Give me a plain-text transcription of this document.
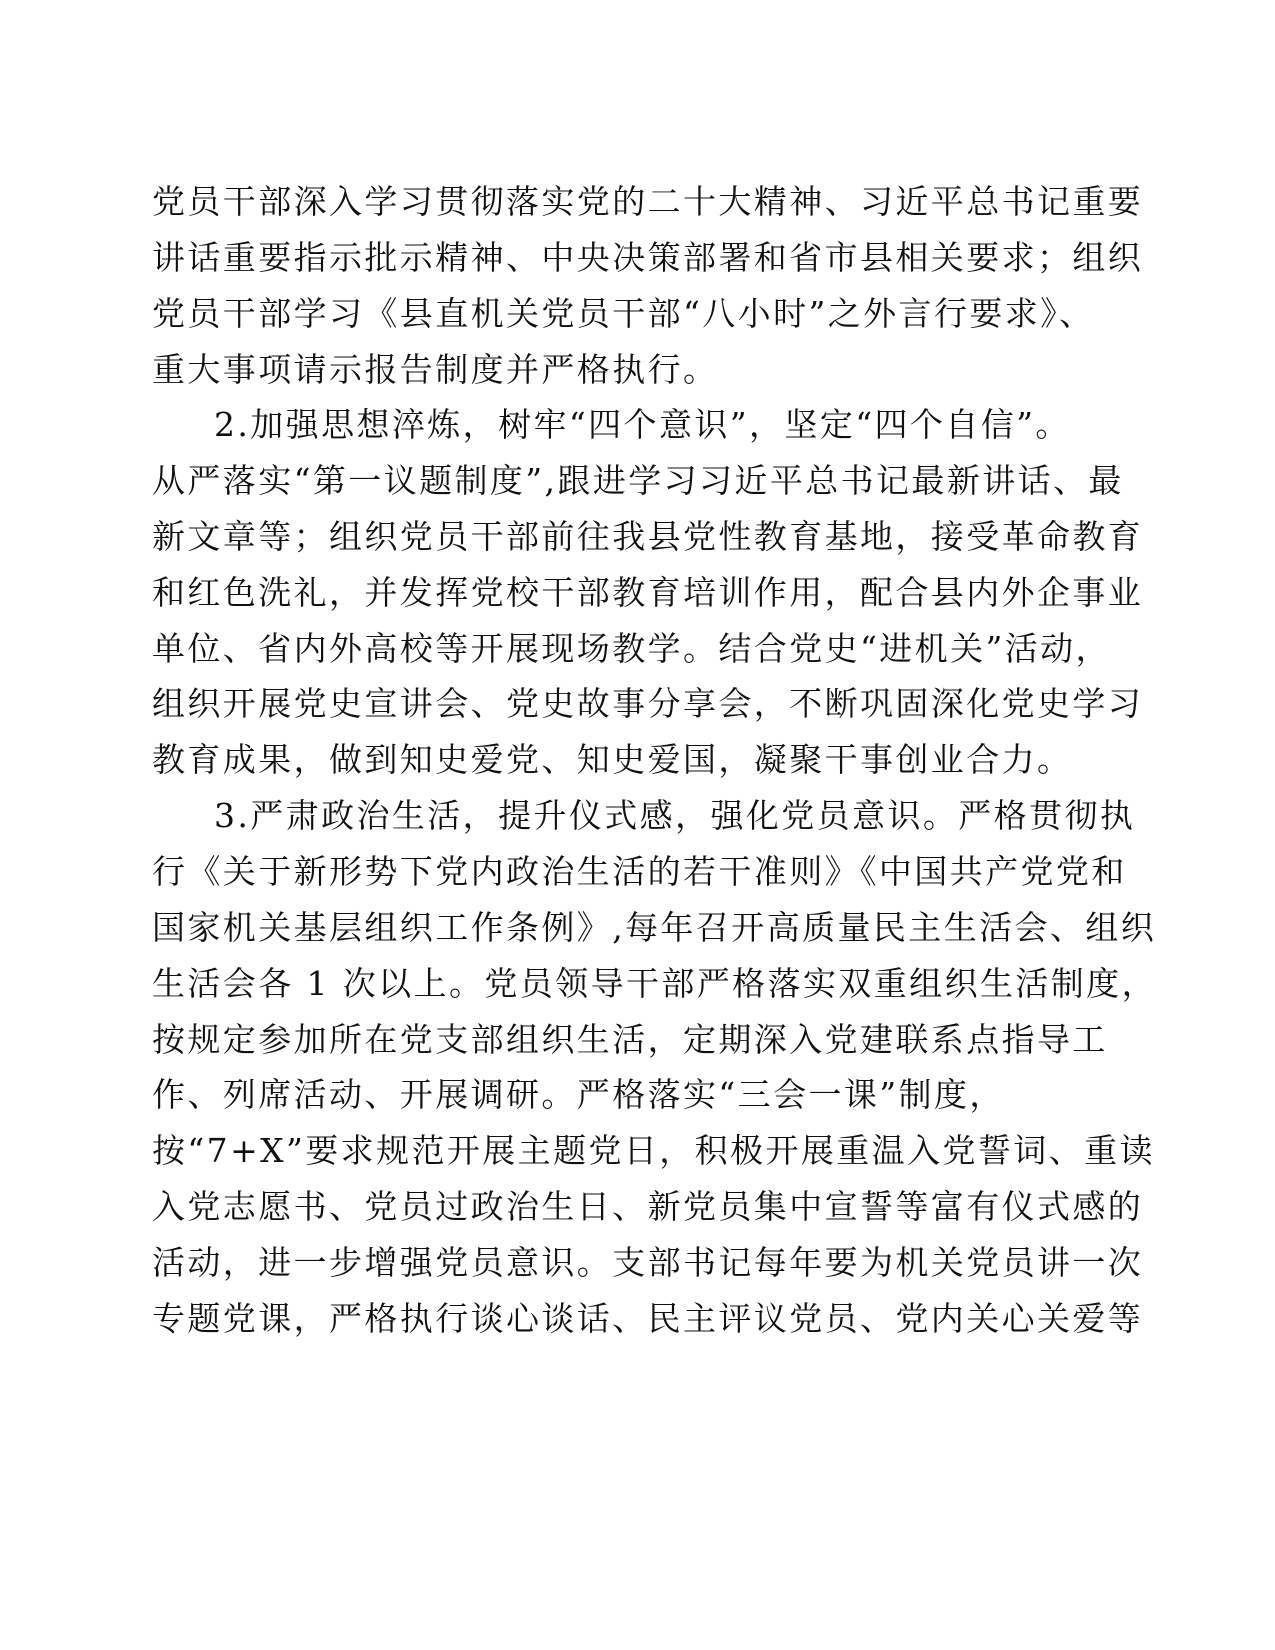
党员干部深入学习贯彻落实党的二十大精神、习近平总书记重要
讲话重要指示批示精神、中央决策部署和省市县相关要求；组织
党员干部学习《县直机关党员干部“八小时”之外言行要求》、
重大事项请示报告制度并严格执行。
2.加强思想淬炼，树牢“四个意识”，坚定“四个自信”。
从严落实“第一议题制度”,跟进学习习近平总书记最新讲话、最
新文章等；组织党员干部前往我县党性教育基地，接受革命教育
和红色洗礼，并发挥党校干部教育培训作用，配合县内外企事业
单位、省内外高校等开展现场教学。结合党史“进机关”活动，
组织开展党史宣讲会、党史故事分享会，不断巩固深化党史学习
教育成果，做到知史爱党、知史爱国，凝聚干事创业合力。
3.严肃政治生活，提升仪式感，强化党员意识。严格贯彻执
行《关于新形势下党内政治生活的若干准则》《中国共产党党和
国家机关基层组织工作条例》,每年召开高质量民主生活会、组织
生活会各 1 次以上。党员领导干部严格落实双重组织生活制度，
按规定参加所在党支部组织生活，定期深入党建联系点指导工
作、列席活动、开展调研。严格落实“三会一课”制度，
按“7+X”要求规范开展主题党日，积极开展重温入党誓词、重读
入党志愿书、党员过政治生日、新党员集中宣誓等富有仪式感的
活动，进一步增强党员意识。支部书记每年要为机关党员讲一次
专题党课，严格执行谈心谈话、民主评议党员、党内关心关爱等
